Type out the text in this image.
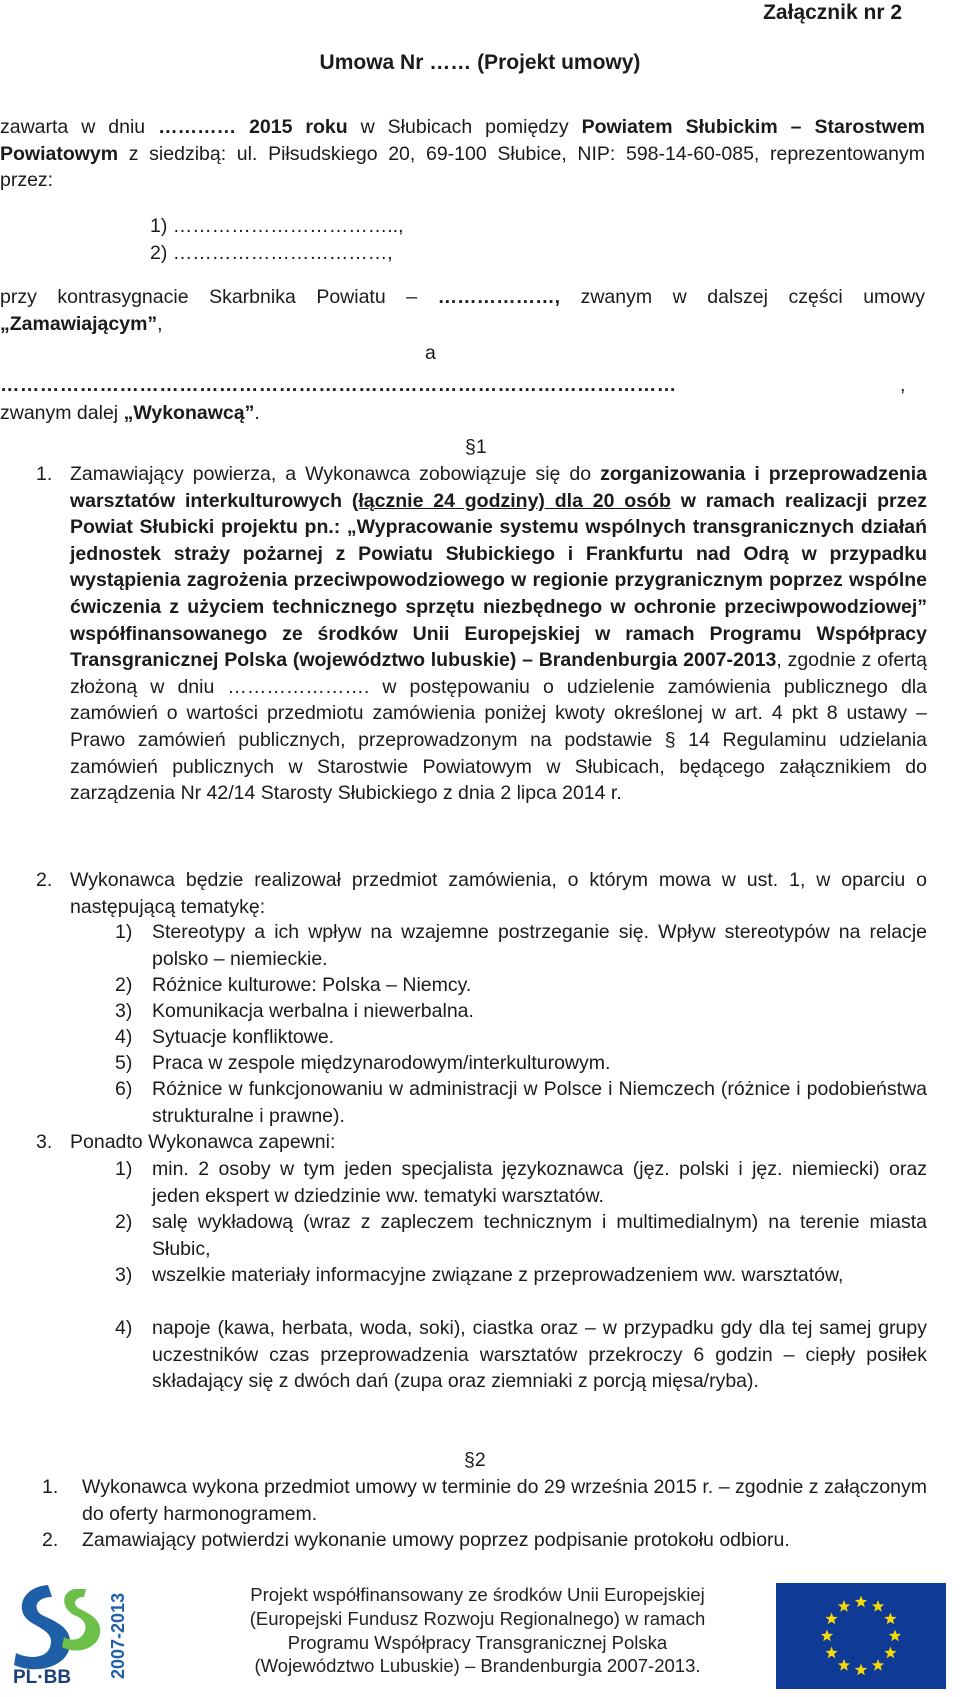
Załącznik nr 2
Umowa Nr …… (Projekt umowy)
zawarta w dniu ………… 2015 roku w Słubicach pomiędzy Powiatem Słubickim – Starostwem Powiatowym z siedzibą: ul. Piłsudskiego 20, 69-100 Słubice, NIP: 598-14-60-085, reprezentowanym przez:
1) ……………………………..,
2) ……………………………,
przy kontrasygnacie Skarbnika Powiatu – ………………, zwanym w dalszej części umowy „Zamawiającym”,
a
…………………………………………………………………………………………	,
zwanym dalej „Wykonawcą”.
§1
1. Zamawiający powierza, a Wykonawca zobowiązuje się do zorganizowania i przeprowadzenia warsztatów interkulturowych (łącznie 24 godziny) dla 20 osób w ramach realizacji przez Powiat Słubicki projektu pn.: „Wypracowanie systemu wspólnych transgranicznych działań jednostek straży pożarnej z Powiatu Słubickiego i Frankfurtu nad Odrą w przypadku wystąpienia zagrożenia przeciwpowodziowego w regionie przygranicznym poprzez wspólne ćwiczenia z użyciem technicznego sprzętu niezbędnego w ochronie przeciwpowodziowej” współfinansowanego ze środków Unii Europejskiej w ramach Programu Współpracy Transgranicznej Polska (województwo lubuskie) – Brandenburgia 2007-2013, zgodnie z ofertą złożoną w dniu …………………. w postępowaniu o udzielenie zamówienia publicznego dla zamówień o wartości przedmiotu zamówienia poniżej kwoty określonej w art. 4 pkt 8 ustawy – Prawo zamówień publicznych, przeprowadzonym na podstawie § 14 Regulaminu udzielania zamówień publicznych w Starostwie Powiatowym w Słubicach, będącego załącznikiem do zarządzenia Nr 42/14 Starosty Słubickiego z dnia 2 lipca 2014 r.
2. Wykonawca będzie realizował przedmiot zamówienia, o którym mowa w ust. 1, w oparciu o następującą tematykę:
1) Stereotypy a ich wpływ na wzajemne postrzeganie się. Wpływ stereotypów na relacje polsko – niemieckie.
2) Różnice kulturowe: Polska – Niemcy.
3) Komunikacja werbalna i niewerbalna.
4) Sytuacje konfliktowe.
5) Praca w zespole międzynarodowym/interkulturowym.
6) Różnice w funkcjonowaniu w administracji w Polsce i Niemczech (różnice i podobieństwa strukturalne i prawne).
3. Ponadto Wykonawca zapewni:
1) min. 2 osoby w tym jeden specjalista językoznawca (jęz. polski i jęz. niemiecki) oraz jeden ekspert w dziedzinie ww. tematyki warsztatów.
2) salę wykładową (wraz z zapleczem technicznym i multimedialnym) na terenie miasta Słubic,
3) wszelkie materiały informacyjne związane z przeprowadzeniem ww. warsztatów,
4) napoje (kawa, herbata, woda, soki), ciastka oraz – w przypadku gdy dla tej samej grupy uczestników czas przeprowadzenia warsztatów przekroczy 6 godzin – ciepły posiłek składający się z dwóch dań (zupa oraz ziemniaki z porcją mięsa/ryba).
§2
1. Wykonawca wykona przedmiot umowy w terminie do 29 września 2015 r. – zgodnie z załączonym do oferty harmonogramem.
2. Zamawiający potwierdzi wykonanie umowy poprzez podpisanie protokołu odbioru.
PL·BB 2007-2013	Projekt współfinansowany ze środków Unii Europejskiej
(Europejski Fundusz Rozwoju Regionalnego) w ramach
Programu Współpracy Transgranicznej Polska
(Województwo Lubuskie) – Brandenburgia 2007-2013.
